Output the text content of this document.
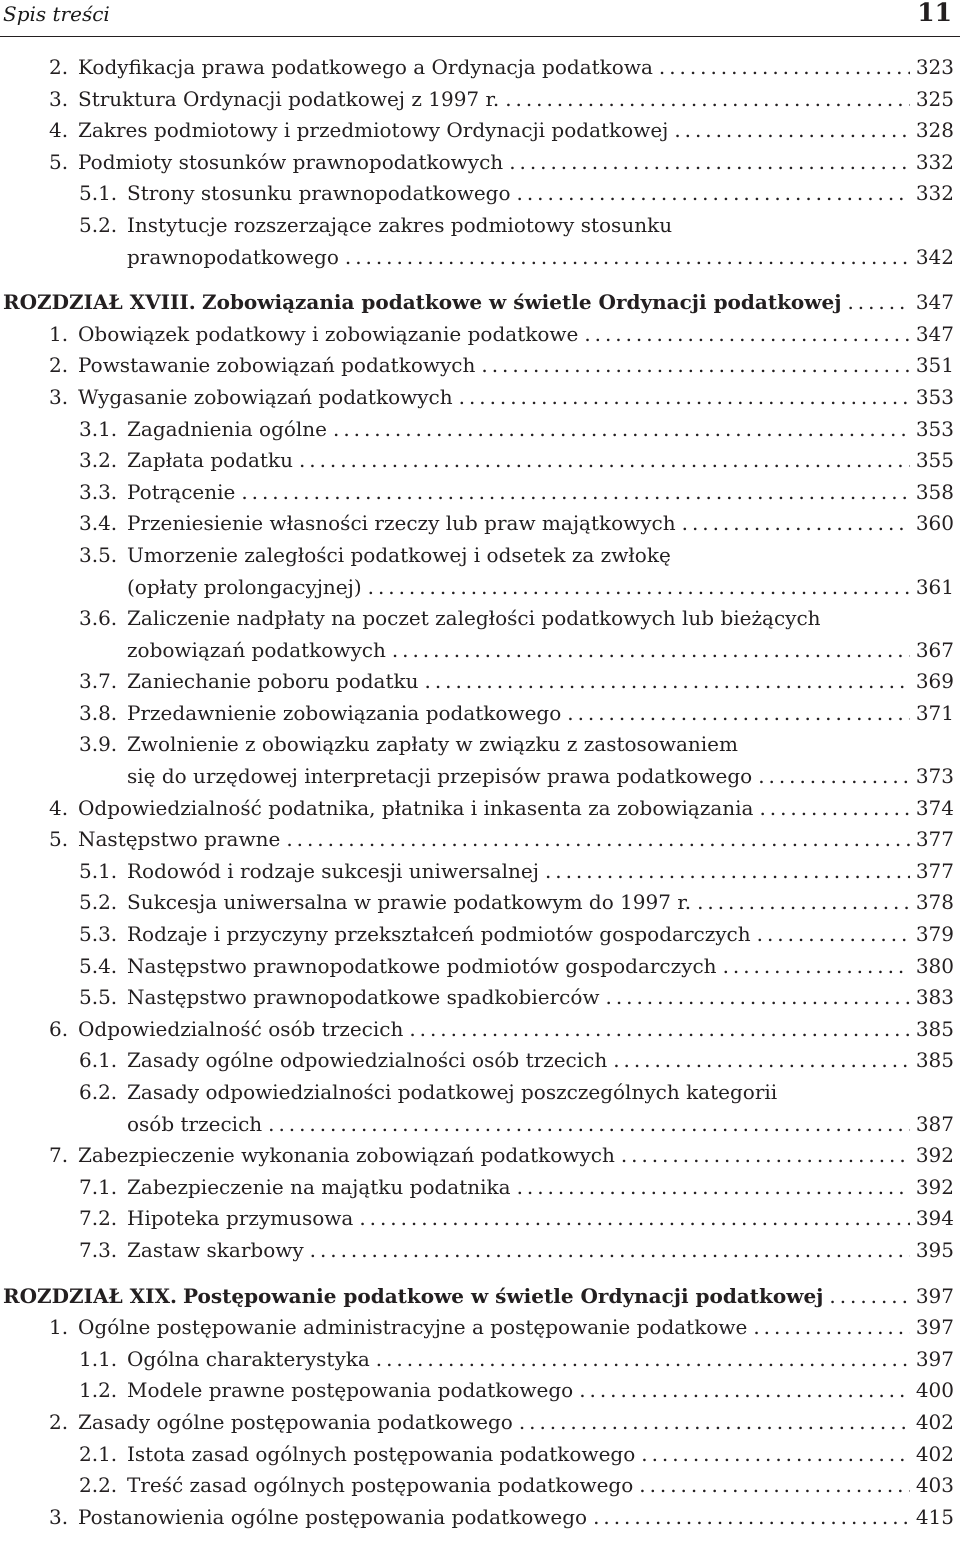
Spis treści	11
2. Kodyfikacja prawa podatkowego a Ordynacja podatkowa . . .	323
3. Struktura Ordynacji podatkowej z 1997 r. . . .	325
4. Zakres podmiotowy i przedmiotowy Ordynacji podatkowej . . .	328
5. Podmioty stosunków prawnopodatkowych . . .	332
5.1. Strony stosunku prawnopodatkowego . . .	332
5.2. Instytucje rozszerzające zakres podmiotowy stosunku
prawnopodatkowego . . .	342
ROZDZIAŁ XVIII. Zobowiązania podatkowe w świetle Ordynacji podatkowej . . .	347
1. Obowiązek podatkowy i zobowiązanie podatkowe . . .	347
2. Powstawanie zobowiązań podatkowych . . .	351
3. Wygasanie zobowiązań podatkowych . . .	353
3.1. Zagadnienia ogólne . . .	353
3.2. Zapłata podatku . . .	355
3.3. Potrącenie . . .	358
3.4. Przeniesienie własności rzeczy lub praw majątkowych . . .	360
3.5. Umorzenie zaległości podatkowej i odsetek za zwłokę
(opłaty prolongacyjnej) . . .	361
3.6. Zaliczenie nadpłaty na poczet zaległości podatkowych lub bieżących
zobowiązań podatkowych . . .	367
3.7. Zaniechanie poboru podatku . . .	369
3.8. Przedawnienie zobowiązania podatkowego . . .	371
3.9. Zwolnienie z obowiązku zapłaty w związku z zastosowaniem
się do urzędowej interpretacji przepisów prawa podatkowego . . .	373
4. Odpowiedzialność podatnika, płatnika i inkasenta za zobowiązania . . .	374
5. Następstwo prawne . . .	377
5.1. Rodowód i rodzaje sukcesji uniwersalnej . . .	377
5.2. Sukcesja uniwersalna w prawie podatkowym do 1997 r. . . .	378
5.3. Rodzaje i przyczyny przekształceń podmiotów gospodarczych . . .	379
5.4. Następstwo prawnopodatkowe podmiotów gospodarczych . . .	380
5.5. Następstwo prawnopodatkowe spadkobierców . . .	383
6. Odpowiedzialność osób trzecich . . .	385
6.1. Zasady ogólne odpowiedzialności osób trzecich . . .	385
6.2. Zasady odpowiedzialności podatkowej poszczególnych kategorii
osób trzecich . . .	387
7. Zabezpieczenie wykonania zobowiązań podatkowych . . .	392
7.1. Zabezpieczenie na majątku podatnika . . .	392
7.2. Hipoteka przymusowa . . .	394
7.3. Zastaw skarbowy . . .	395
ROZDZIAŁ XIX. Postępowanie podatkowe w świetle Ordynacji podatkowej . . .	397
1. Ogólne postępowanie administracyjne a postępowanie podatkowe . . .	397
1.1. Ogólna charakterystyka . . .	397
1.2. Modele prawne postępowania podatkowego . . .	400
2. Zasady ogólne postępowania podatkowego . . .	402
2.1. Istota zasad ogólnych postępowania podatkowego . . .	402
2.2. Treść zasad ogólnych postępowania podatkowego . . .	403
3. Postanowienia ogólne postępowania podatkowego . . .	415
